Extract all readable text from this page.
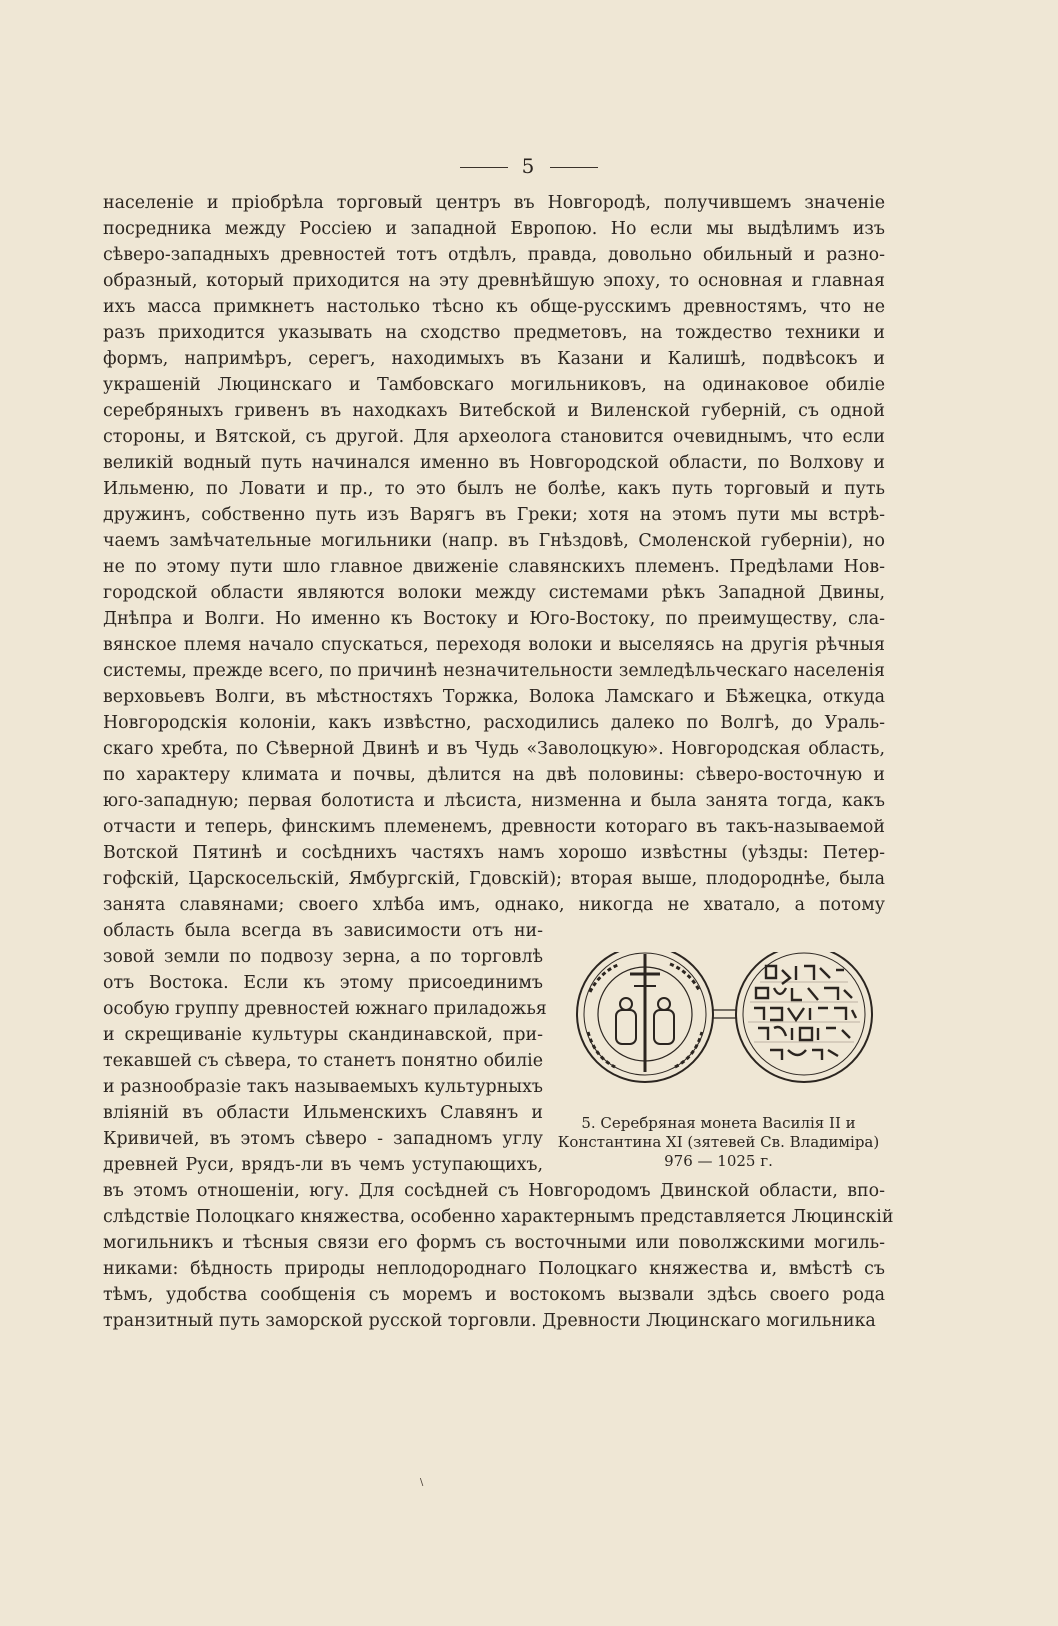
5
населеніе и пріобрѣла торговый центръ въ Новгородѣ, получившемъ значеніе
посредника между Россіею и западной Европою. Но если мы выдѣлимъ изъ
сѣверо-западныхъ древностей тотъ отдѣлъ, правда, довольно обильный и разно-
образный, который приходится на эту древнѣйшую эпоху, то основная и главная
ихъ масса примкнетъ настолько тѣсно къ обще-русскимъ древностямъ, что не
разъ приходится указывать на сходство предметовъ, на тождество техники и
формъ, напримѣръ, серегъ, находимыхъ въ Казани и Калишѣ, подвѣсокъ и
украшеній Люцинскаго и Тамбовскаго могильниковъ, на одинаковое обиліе
серебряныхъ гривенъ въ находкахъ Витебской и Виленской губерній, съ одной
стороны, и Вятской, съ другой. Для археолога становится очевиднымъ, что если
великій водный путь начинался именно въ Новгородской области, по Волхову и
Ильменю, по Ловати и пр., то это былъ не болѣе, какъ путь торговый и путь
дружинъ, собственно путь изъ Варягъ въ Греки; хотя на этомъ пути мы встрѣ-
чаемъ замѣчательные могильники (напр. въ Гнѣздовѣ, Смоленской губерніи), но
не по этому пути шло главное движеніе славянскихъ племенъ. Предѣлами Нов-
городской области являются волоки между системами рѣкъ Западной Двины,
Днѣпра и Волги. Но именно къ Востоку и Юго-Востоку, по преимуществу, сла-
вянское племя начало спускаться, переходя волоки и выселяясь на другія рѣчныя
системы, прежде всего, по причинѣ незначительности земледѣльческаго населенія
верховьевъ Волги, въ мѣстностяхъ Торжка, Волока Ламскаго и Бѣжецка, откуда
Новгородскія колоніи, какъ извѣстно, расходились далеко по Волгѣ, до Ураль-
скаго хребта, по Сѣверной Двинѣ и въ Чудь «Заволоцкую». Новгородская область,
по характеру климата и почвы, дѣлится на двѣ половины: сѣверо-восточную и
юго-западную; первая болотиста и лѣсиста, низменна и была занята тогда, какъ
отчасти и теперь, финскимъ племенемъ, древности котораго въ такъ-называемой
Вотской Пятинѣ и сосѣднихъ частяхъ намъ хорошо извѣстны (уѣзды: Петер-
гофскій, Царскосельскій, Ямбургскій, Гдовскій); вторая выше, плодороднѣе, была
занята славянами; своего хлѣба имъ, однако, никогда не хватало, а потому
область была всегда въ зависимости отъ ни-
зовой земли по подвозу зерна, а по торговлѣ
отъ Востока. Если къ этому присоединимъ
особую группу древностей южнаго приладожья
и скрещиваніе культуры скандинавской, при-
текавшей съ сѣвера, то станетъ понятно обиліе
и разнообразіе такъ называемыхъ культурныхъ
вліяній въ области Ильменскихъ Славянъ и
Кривичей, въ этомъ сѣверо - западномъ углу
древней Руси, врядъ-ли въ чемъ уступающихъ,
въ этомъ отношеніи, югу. Для сосѣдней съ Новгородомъ Двинской области, впо-
слѣдствіе Полоцкаго княжества, особенно характернымъ представляется Люцинскій
могильникъ и тѣсныя связи его формъ съ восточными или поволжскими могиль-
никами: бѣдность природы неплодороднаго Полоцкаго княжества и, вмѣстѣ съ
тѣмъ, удобства сообщенія съ моремъ и востокомъ вызвали здѣсь своего рода
транзитный путь заморской русской торговли. Древности Люцинскаго могильника
5. Серебряная монета Василія II и
Константина XI (зятевей Св. Владиміра)
976 — 1025 г.
∖
